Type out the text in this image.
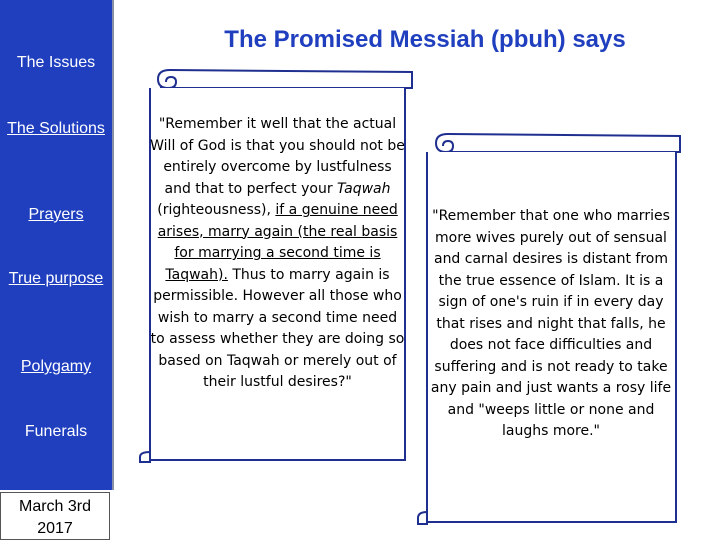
The Issues
The Solutions
Prayers
True purpose
Polygamy
Funerals
March 3rd 2017
The Promised Messiah (pbuh) says
"Remember it well that the actual Will of God is that you should not be entirely overcome by lustfulness and that to perfect your Taqwah (righteousness), if a genuine need arises, marry again (the real basis for marrying a second time is Taqwah). Thus to marry again is permissible. However all those who wish to marry a second time need to assess whether they are doing so based on Taqwah or merely out of their lustful desires?"
"Remember that one who marries more wives purely out of sensual and carnal desires is distant from the true essence of Islam. It is a sign of one's ruin if in every day that rises and night that falls, he does not face difficulties and suffering and is not ready to take any pain and just wants a rosy life and "weeps little or none and laughs more."
